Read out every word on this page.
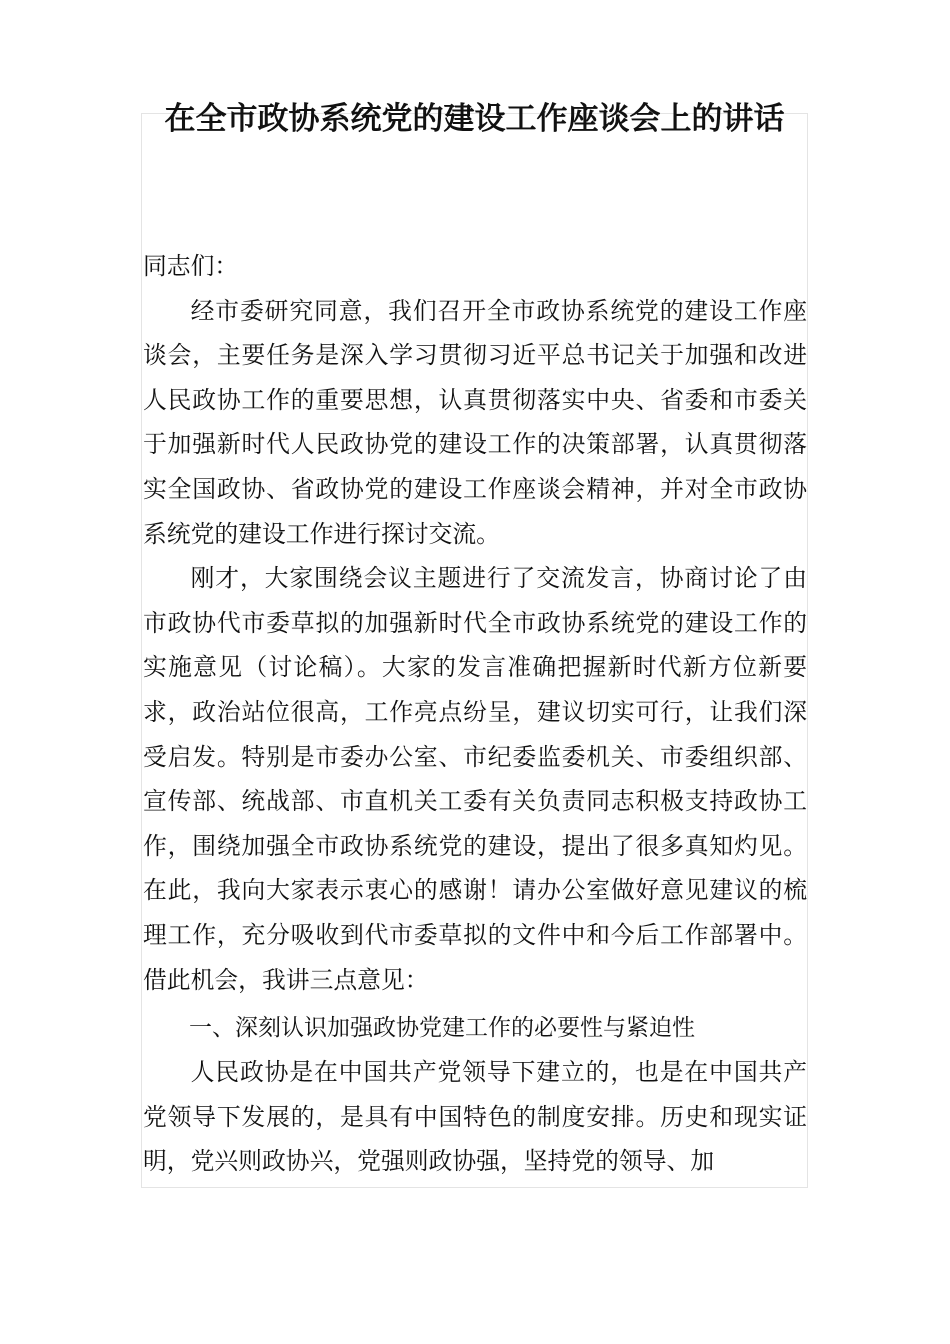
在全市政协系统党的建设工作座谈会上的讲话

同志们：

经市委研究同意，我们召开全市政协系统党的建设工作座谈会，主要任务是深入学习贯彻习近平总书记关于加强和改进人民政协工作的重要思想，认真贯彻落实中央、省委和市委关于加强新时代人民政协党的建设工作的决策部署，认真贯彻落实全国政协、省政协党的建设工作座谈会精神，并对全市政协系统党的建设工作进行探讨交流。

刚才，大家围绕会议主题进行了交流发言，协商讨论了由市政协代市委草拟的加强新时代全市政协系统党的建设工作的实施意见（讨论稿）。大家的发言准确把握新时代新方位新要求，政治站位很高，工作亮点纷呈，建议切实可行，让我们深受启发。特别是市委办公室、市纪委监委机关、市委组织部、宣传部、统战部、市直机关工委有关负责同志积极支持政协工作，围绕加强全市政协系统党的建设，提出了很多真知灼见。在此，我向大家表示衷心的感谢！请办公室做好意见建议的梳理工作，充分吸收到代市委草拟的文件中和今后工作部署中。借此机会，我讲三点意见：

一、深刻认识加强政协党建工作的必要性与紧迫性

人民政协是在中国共产党领导下建立的，也是在中国共产党领导下发展的，是具有中国特色的制度安排。历史和现实证明，党兴则政协兴，党强则政协强，坚持党的领导、加
